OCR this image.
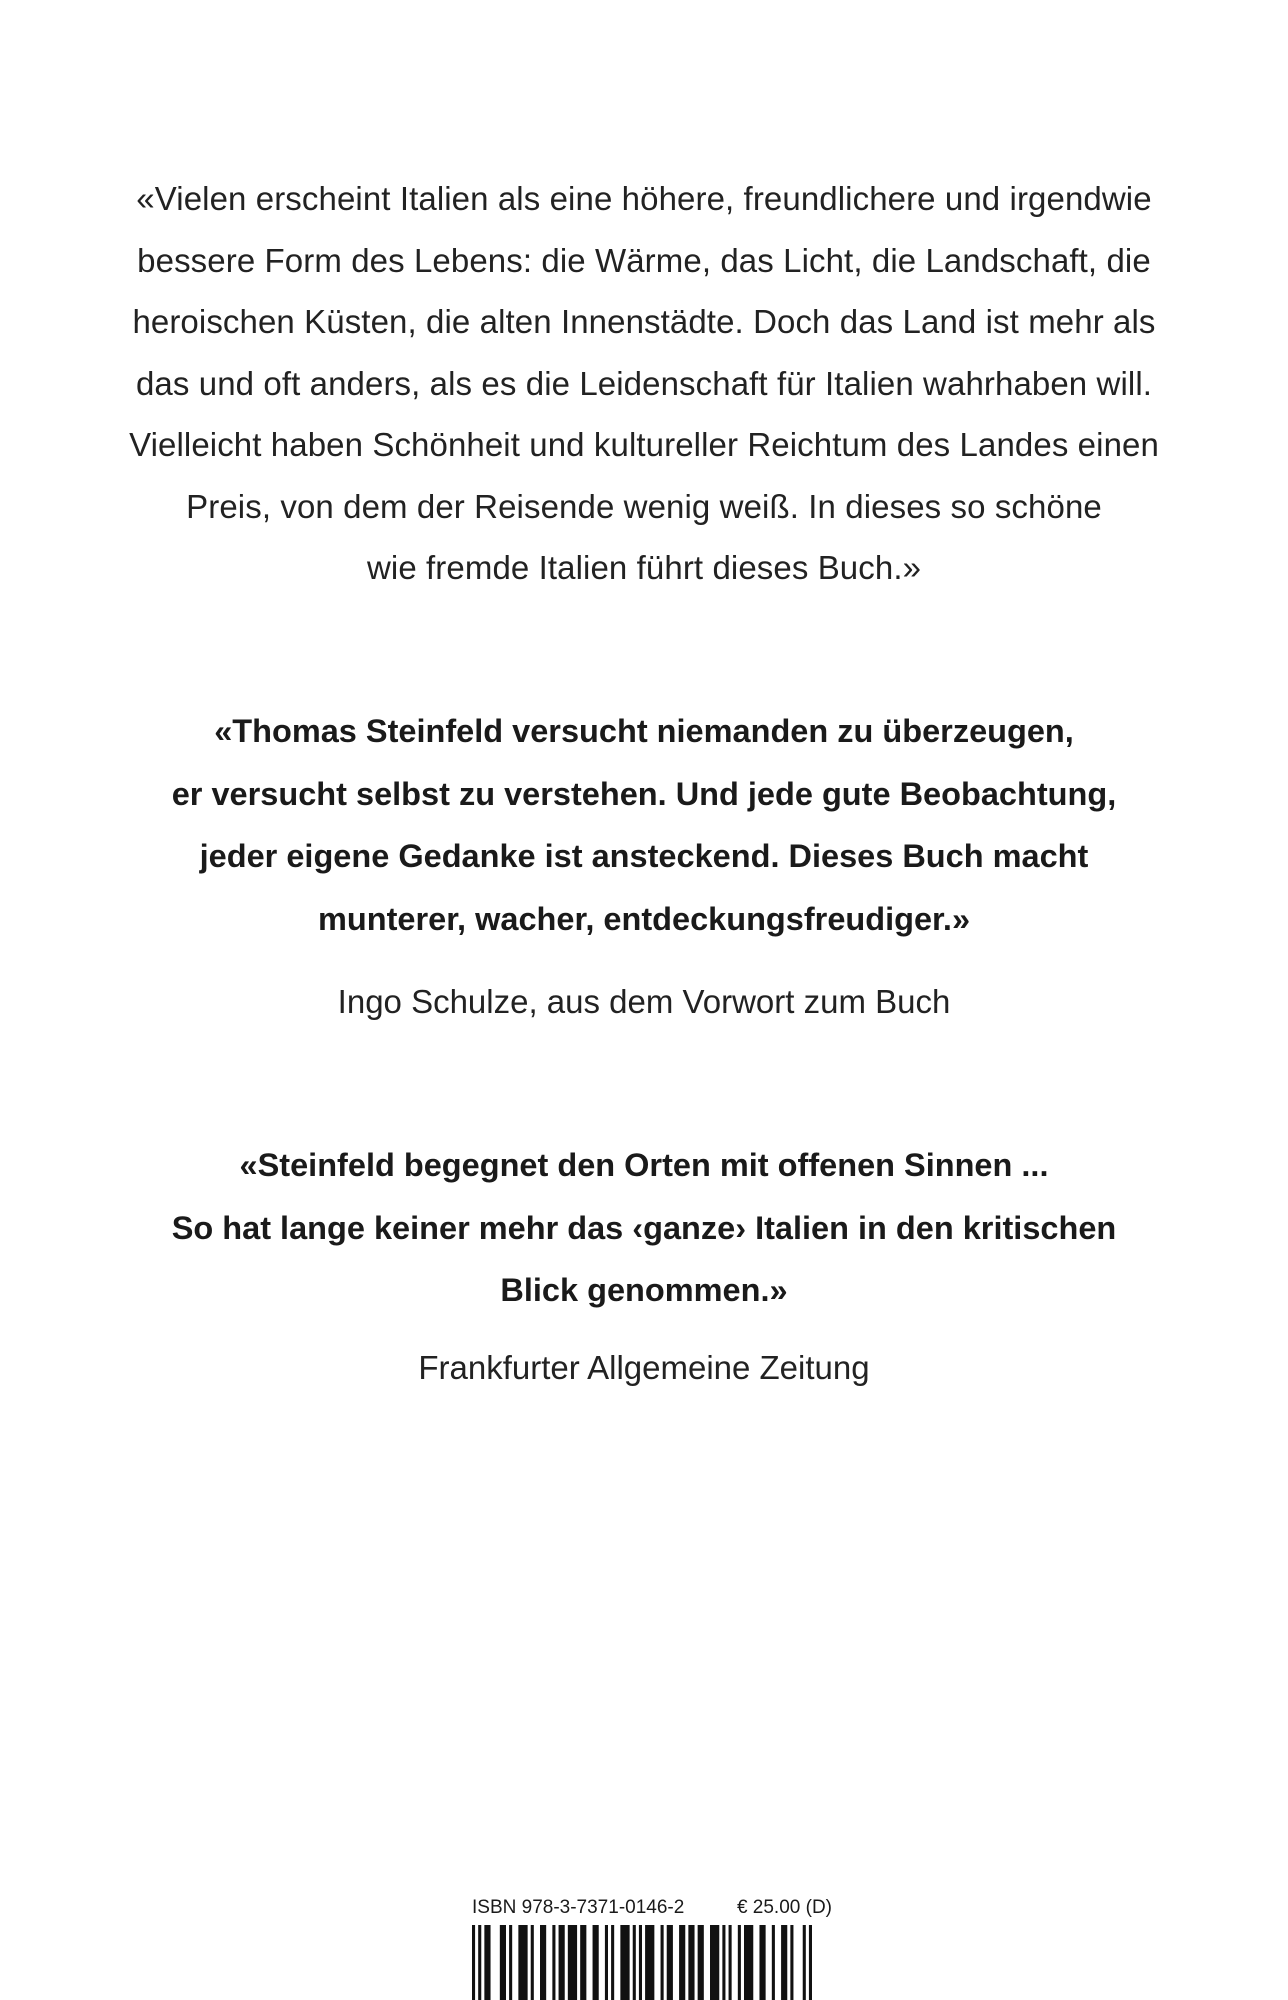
«Vielen erscheint Italien als eine höhere, freundlichere und irgendwie
bessere Form des Lebens: die Wärme, das Licht, die Landschaft, die
heroischen Küsten, die alten Innenstädte. Doch das Land ist mehr als
das und oft anders, als es die Leidenschaft für Italien wahrhaben will.
Vielleicht haben Schönheit und kultureller Reichtum des Landes einen
Preis, von dem der Reisende wenig weiß. In dieses so schöne
wie fremde Italien führt dieses Buch.»
«Thomas Steinfeld versucht niemanden zu überzeugen,
er versucht selbst zu verstehen. Und jede gute Beobachtung,
jeder eigene Gedanke ist ansteckend. Dieses Buch macht
munterer, wacher, entdeckungsfreudiger.»
Ingo Schulze, aus dem Vorwort zum Buch
«Steinfeld begegnet den Orten mit offenen Sinnen ...
So hat lange keiner mehr das ‹ganze› Italien in den kritischen
Blick genommen.»
Frankfurter Allgemeine Zeitung
ISBN 978-3-7371-0146-2	€ 25.00 (D)
